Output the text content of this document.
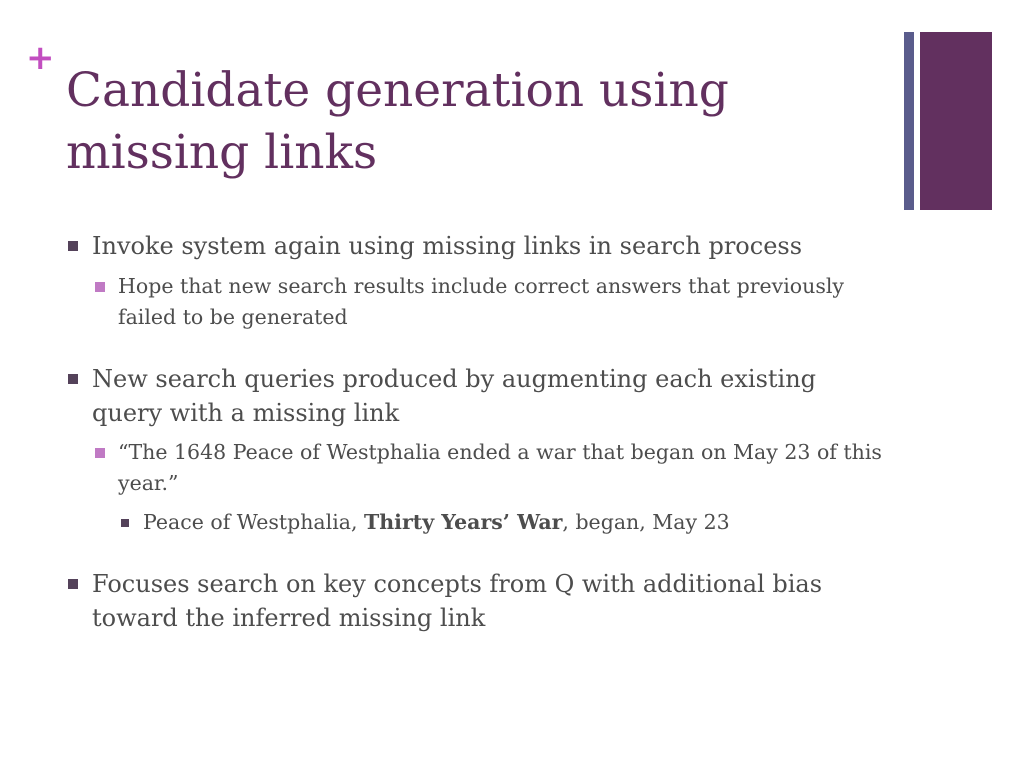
+
Candidate generation using missing links
Invoke system again using missing links in search process
Hope that new search results include correct answers that previously failed to be generated
New search queries produced by augmenting each existing query with a missing link
“The 1648 Peace of Westphalia ended a war that began on May 23 of this year.”
Peace of Westphalia, Thirty Years’ War, began, May 23
Focuses search on key concepts from Q with additional bias toward the inferred missing link
